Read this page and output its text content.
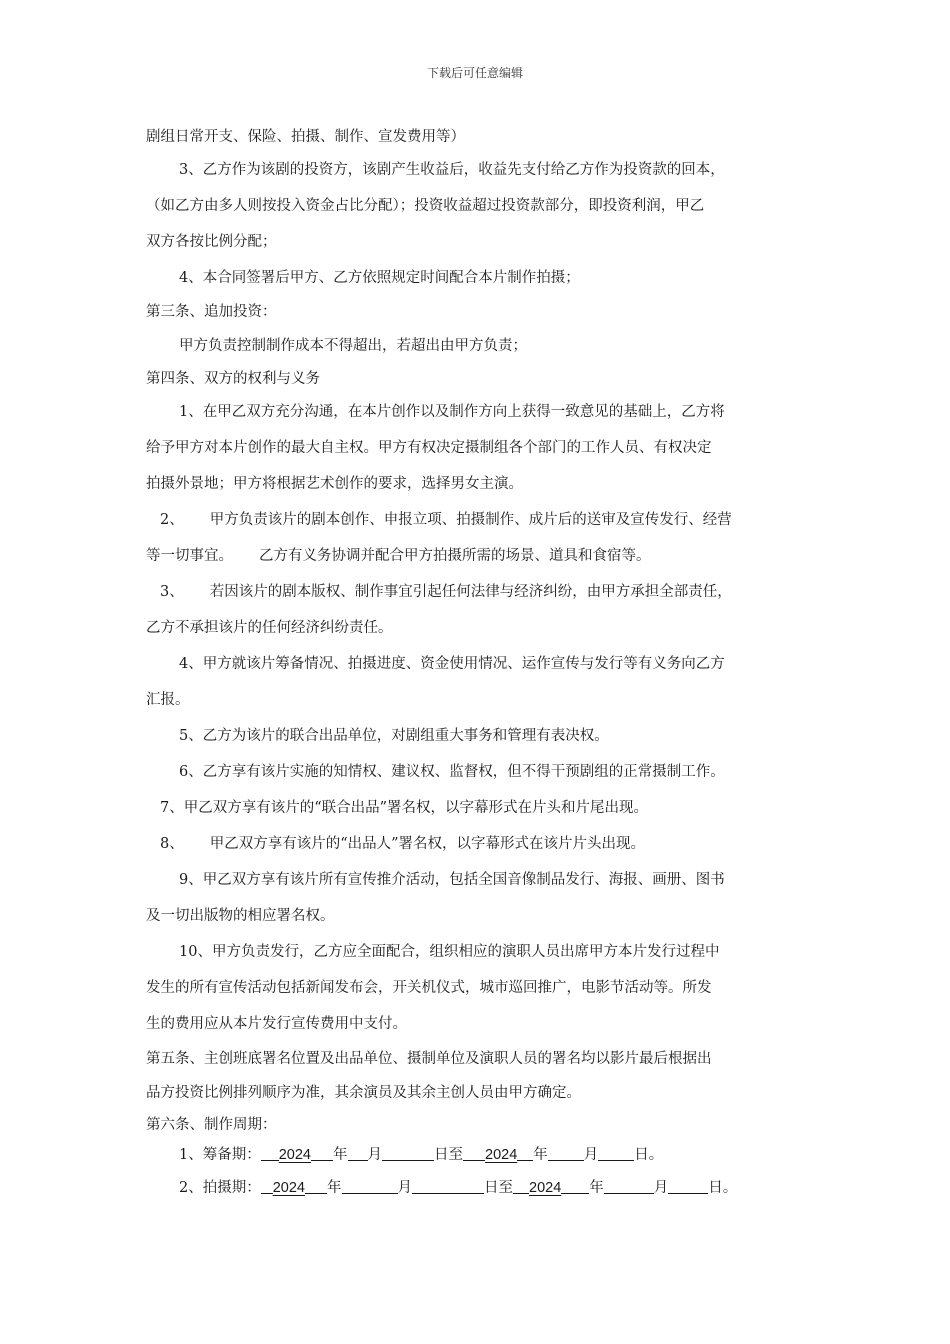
下载后可任意编辑

剧组日常开支、保险、拍摄、制作、宣发费用等）

3、乙方作为该剧的投资方，该剧产生收益后，收益先支付给乙方作为投资款的回本，

（如乙方由多人则按投入资金占比分配）；投资收益超过投资款部分，即投资利润，甲乙

双方各按比例分配；

4、本合同签署后甲方、乙方依照规定时间配合本片制作拍摄；

第三条、追加投资：

甲方负责控制制作成本不得超出，若超出由甲方负责；

第四条、双方的权利与义务

1、在甲乙双方充分沟通，在本片创作以及制作方向上获得一致意见的基础上，乙方将

给予甲方对本片创作的最大自主权。甲方有权决定摄制组各个部门的工作人员、有权决定

拍摄外景地；甲方将根据艺术创作的要求，选择男女主演。

2、 甲方负责该片的剧本创作、申报立项、拍摄制作、成片后的送审及宣传发行、经营

等一切事宜。 乙方有义务协调并配合甲方拍摄所需的场景、道具和食宿等。

3、 若因该片的剧本版权、制作事宜引起任何法律与经济纠纷，由甲方承担全部责任，

乙方不承担该片的任何经济纠纷责任。

4、甲方就该片筹备情况、拍摄进度、资金使用情况、运作宣传与发行等有义务向乙方

汇报。

5、乙方为该片的联合出品单位，对剧组重大事务和管理有表决权。

6、乙方享有该片实施的知情权、建议权、监督权，但不得干预剧组的正常摄制工作。

7、甲乙双方享有该片的“联合出品”署名权，以字幕形式在片头和片尾出现。

8、 甲乙双方享有该片的“出品人”署名权，以字幕形式在该片片头出现。

9、甲乙双方享有该片所有宣传推介活动，包括全国音像制品发行、海报、画册、图书

及一切出版物的相应署名权。

10、甲方负责发行，乙方应全面配合，组织相应的演职人员出席甲方本片发行过程中

发生的所有宣传活动包括新闻发布会，开关机仪式，城市巡回推广，电影节活动等。所发

生的费用应从本片发行宣传费用中支付。

第五条、主创班底署名位置及出品单位、摄制单位及演职人员的署名均以影片最后根据出

品方投资比例排列顺序为准，其余演员及其余主创人员由甲方确定。

第六条、制作周期：

1、筹备期： 2024 年 月	日至 2024 年 月 日。

2、拍摄期： 2024 年	月	日至 2024 年	月	日。
